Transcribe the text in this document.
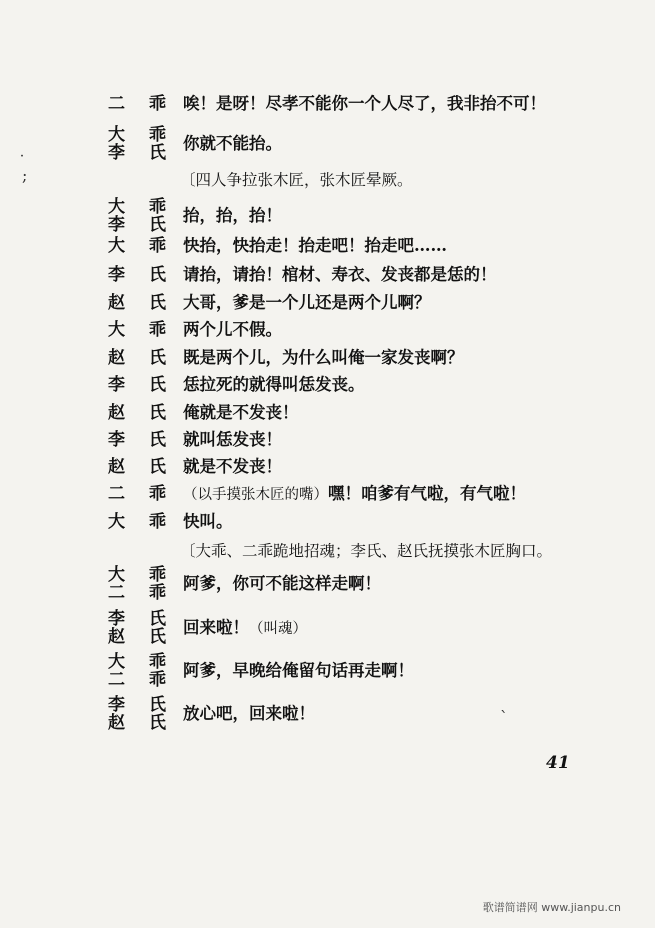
二 乖 唉！是呀！尽孝不能你一个人尽了，我非抬不可！
大 乖
李 氏 你就不能抬。
〔四人争拉张木匠，张木匠晕厥。
大 乖
李 氏 抬，抬，抬！
大 乖 快抬，快抬走！抬走吧！抬走吧……
李 氏 请抬，请抬！棺材、寿衣、发丧都是恁的！
赵 氏 大哥，爹是一个儿还是两个儿啊？
大 乖 两个儿不假。
赵 氏 既是两个儿，为什么叫俺一家发丧啊？
李 氏 恁拉死的就得叫恁发丧。
赵 氏 俺就是不发丧！
李 氏 就叫恁发丧！
赵 氏 就是不发丧！
二 乖 （以手摸张木匠的嘴）嘿！咱爹有气啦，有气啦！
大 乖 快叫。
〔大乖、二乖跪地招魂；李氏、赵氏抚摸张木匠胸口。
大 乖
二 乖 阿爹，你可不能这样走啊！
李 氏
赵 氏 回来啦！（叫魂）
大 乖
二 乖 阿爹，早晚给俺留句话再走啊！
李 氏
赵 氏 放心吧，回来啦！
˙
;
`
41
歌谱简谱网 www.jianpu.cn
